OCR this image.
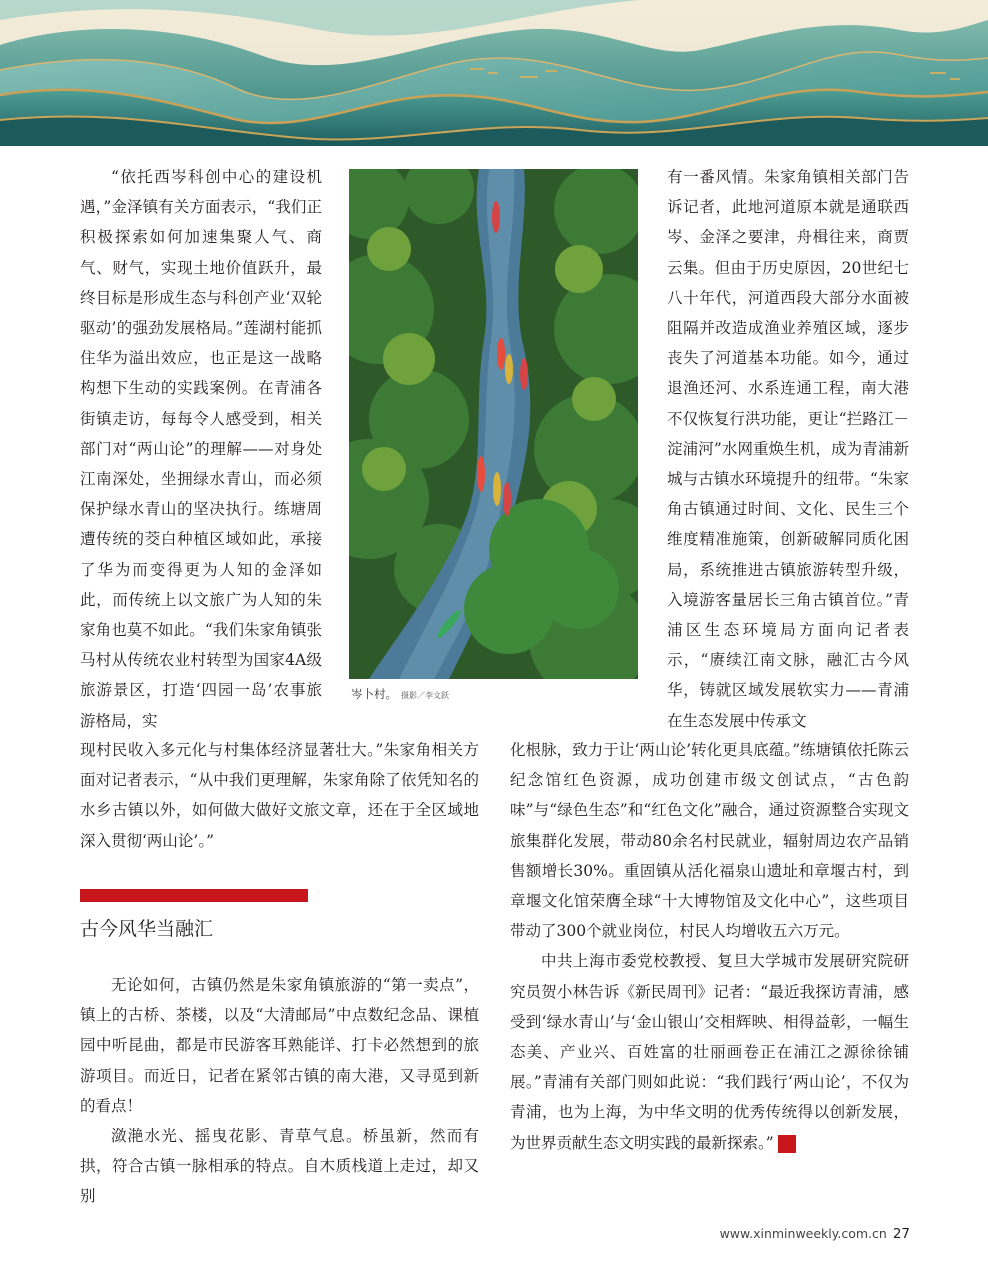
“依托西岑科创中心的建设机遇，”金泽镇有关方面表示，“我们正积极探索如何加速集聚人气、商气、财气，实现土地价值跃升，最终目标是形成生态与科创产业‘双轮驱动’的强劲发展格局。”莲湖村能抓住华为溢出效应，也正是这一战略构想下生动的实践案例。在青浦各街镇走访，每每令人感受到，相关部门对“两山论”的理解——对身处江南深处，坐拥绿水青山，而必须保护绿水青山的坚决执行。练塘周遭传统的茭白种植区域如此，承接了华为而变得更为人知的金泽如此，而传统上以文旅广为人知的朱家角也莫不如此。“我们朱家角镇张马村从传统农业村转型为国家4A级旅游景区，打造‘四园一岛’农事旅游格局，实

岑卜村。 摄影／李文跃

有一番风情。朱家角镇相关部门告诉记者，此地河道原本就是通联西岑、金泽之要津，舟楫往来，商贾云集。但由于历史原因，20世纪七八十年代，河道西段大部分水面被阻隔并改造成渔业养殖区域，逐步丧失了河道基本功能。如今，通过退渔还河、水系连通工程，南大港不仅恢复行洪功能，更让“拦路江－淀浦河”水网重焕生机，成为青浦新城与古镇水环境提升的纽带。“朱家角古镇通过时间、文化、民生三个维度精准施策，创新破解同质化困局，系统推进古镇旅游转型升级，入境游客量居长三角古镇首位。”青浦区生态环境局方面向记者表示，“赓续江南文脉，融汇古今风华，铸就区域发展软实力——青浦在生态发展中传承文

现村民收入多元化与村集体经济显著壮大。”朱家角相关方面对记者表示，“从中我们更理解，朱家角除了依凭知名的水乡古镇以外，如何做大做好文旅文章，还在于全区域地深入贯彻‘两山论’。”

古今风华当融汇

无论如何，古镇仍然是朱家角镇旅游的“第一卖点”，镇上的古桥、茶楼，以及“大清邮局”中点数纪念品、课植园中听昆曲，都是市民游客耳熟能详、打卡必然想到的旅游项目。而近日，记者在紧邻古镇的南大港，又寻觅到新的看点！

潋滟水光、摇曳花影、青草气息。桥虽新，然而有拱，符合古镇一脉相承的特点。自木质栈道上走过，却又别

化根脉，致力于让‘两山论’转化更具底蕴。”练塘镇依托陈云纪念馆红色资源，成功创建市级文创试点，“古色韵味”与“绿色生态”和“红色文化”融合，通过资源整合实现文旅集群化发展，带动80余名村民就业，辐射周边农产品销售额增长30%。重固镇从活化福泉山遗址和章堰古村，到章堰文化馆荣膺全球“十大博物馆及文化中心”，这些项目带动了300个就业岗位，村民人均增收五六万元。

中共上海市委党校教授、复旦大学城市发展研究院研究员贺小林告诉《新民周刊》记者：“最近我探访青浦，感受到‘绿水青山’与‘金山银山’交相辉映、相得益彰，一幅生态美、产业兴、百姓富的壮丽画卷正在浦江之源徐徐铺展。”青浦有关部门则如此说：“我们践行‘两山论’，不仅为青浦，也为上海，为中华文明的优秀传统得以创新发展，为世界贡献生态文明实践的最新探索。”	民

www.xinminweekly.com.cn 27
